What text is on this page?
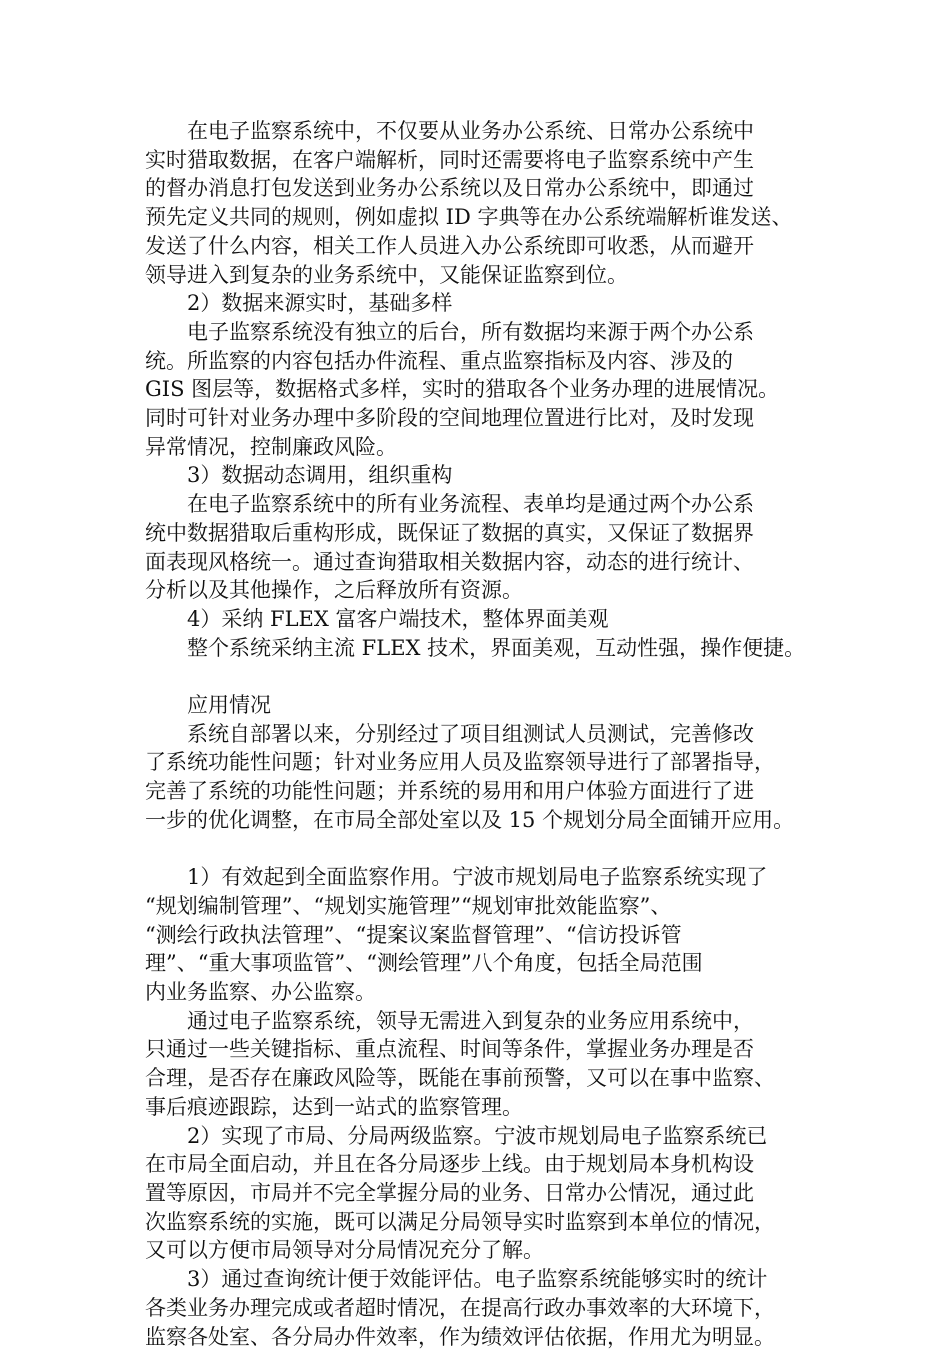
在电子监察系统中，不仅要从业务办公系统、日常办公系统中
实时猎取数据，在客户端解析，同时还需要将电子监察系统中产生
的督办消息打包发送到业务办公系统以及日常办公系统中，即通过
预先定义共同的规则，例如虚拟 ID 字典等在办公系统端解析谁发送、
发送了什么内容，相关工作人员进入办公系统即可收悉，从而避开
领导进入到复杂的业务系统中，又能保证监察到位。
2）数据来源实时，基础多样
电子监察系统没有独立的后台，所有数据均来源于两个办公系
统。所监察的内容包括办件流程、重点监察指标及内容、涉及的
GIS 图层等，数据格式多样，实时的猎取各个业务办理的进展情况。
同时可针对业务办理中多阶段的空间地理位置进行比对，及时发现
异常情况，控制廉政风险。
3）数据动态调用，组织重构
在电子监察系统中的所有业务流程、表单均是通过两个办公系
统中数据猎取后重构形成，既保证了数据的真实，又保证了数据界
面表现风格统一。通过查询猎取相关数据内容，动态的进行统计、
分析以及其他操作，之后释放所有资源。
4）采纳 FLEX 富客户端技术，整体界面美观
整个系统采纳主流 FLEX 技术，界面美观，互动性强，操作便捷。
应用情况
系统自部署以来，分别经过了项目组测试人员测试，完善修改
了系统功能性问题；针对业务应用人员及监察领导进行了部署指导，
完善了系统的功能性问题；并系统的易用和用户体验方面进行了进
一步的优化调整，在市局全部处室以及 15 个规划分局全面铺开应用。
1）有效起到全面监察作用。宁波市规划局电子监察系统实现了
“规划编制管理”、“规划实施管理”“规划审批效能监察”、
“测绘行政执法管理”、“提案议案监督管理”、“信访投诉管
理”、“重大事项监管”、“测绘管理”八个角度，包括全局范围
内业务监察、办公监察。
通过电子监察系统，领导无需进入到复杂的业务应用系统中，
只通过一些关键指标、重点流程、时间等条件，掌握业务办理是否
合理，是否存在廉政风险等，既能在事前预警，又可以在事中监察、
事后痕迹跟踪，达到一站式的监察管理。
2）实现了市局、分局两级监察。宁波市规划局电子监察系统已
在市局全面启动，并且在各分局逐步上线。由于规划局本身机构设
置等原因，市局并不完全掌握分局的业务、日常办公情况，通过此
次监察系统的实施，既可以满足分局领导实时监察到本单位的情况，
又可以方便市局领导对分局情况充分了解。
3）通过查询统计便于效能评估。电子监察系统能够实时的统计
各类业务办理完成或者超时情况，在提高行政办事效率的大环境下，
监察各处室、各分局办件效率，作为绩效评估依据，作用尤为明显。
